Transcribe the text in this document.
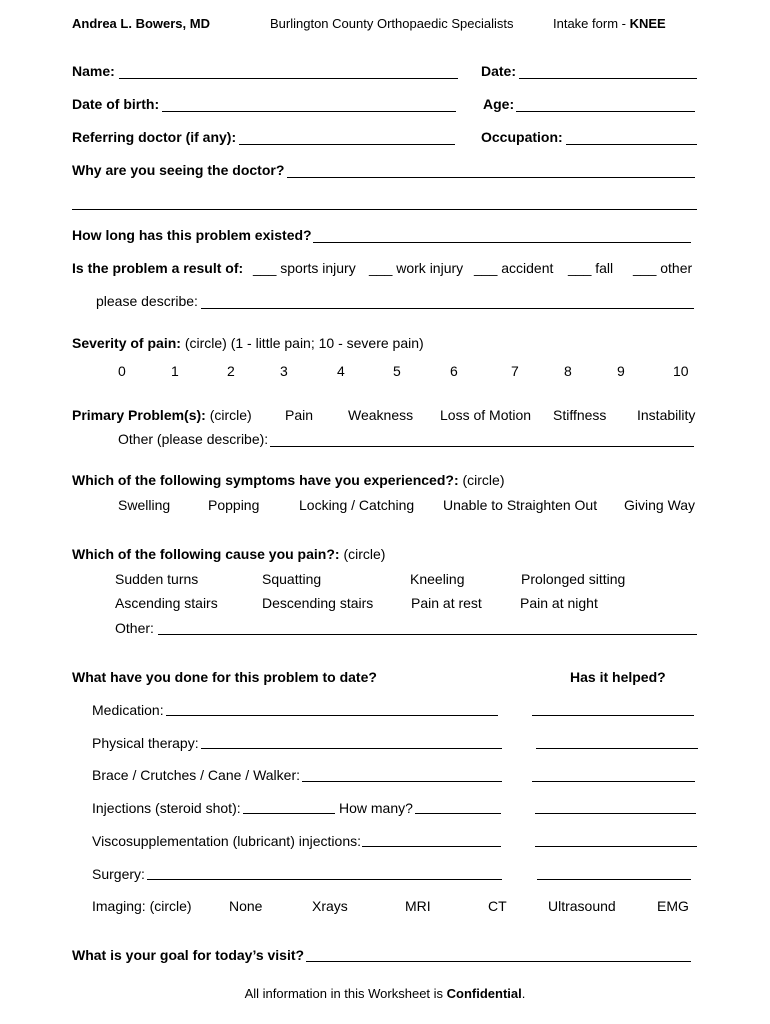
Andrea L. Bowers, MD	Burlington County Orthopaedic Specialists	Intake form - KNEE
Name:	Date:
Date of birth:	Age:
Referring doctor (if any):	Occupation:
Why are you seeing the doctor?
How long has this problem existed?
Is the problem a result of: ___ sports injury ___ work injury ___ accident ___ fall ___ other
please describe:
Severity of pain: (circle) (1 - little pain; 10 - severe pain)
0	1	2	3	4	5	6	7	8	9	10
Primary Problem(s): (circle) Pain Weakness Loss of Motion Stiffness Instability
Other (please describe):
Which of the following symptoms have you experienced?: (circle)
Swelling	Popping	Locking / Catching Unable to Straighten Out Giving Way
Which of the following cause you pain?: (circle)
Sudden turns	Squatting	Kneeling	Prolonged sitting
Ascending stairs	Descending stairs	Pain at rest	Pain at night
Other:
What have you done for this problem to date?	Has it helped?
Medication:
Physical therapy:
Brace / Crutches / Cane / Walker:
Injections (steroid shot):	How many?
Viscosupplementation (lubricant) injections:
Surgery:
Imaging: (circle)	None	Xrays	MRI	CT	Ultrasound	EMG
What is your goal for today’s visit?
All information in this Worksheet is Confidential.
